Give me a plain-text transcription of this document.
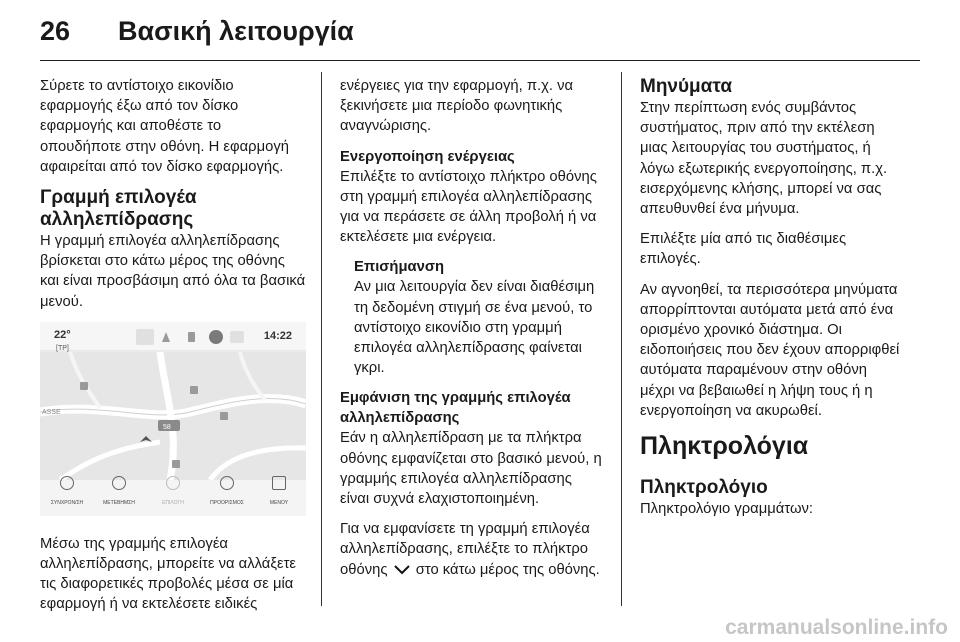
26	Βασική λειτουργία

Σύρετε το αντίστοιχο εικονίδιο εφαρμογής έξω από τον δίσκο εφαρμογής και αποθέστε το οπουδήποτε στην οθόνη. Η εφαρμογή αφαιρείται από τον δίσκο εφαρμογής.

Γραμμή επιλογέα
αλληλεπίδρασης

Η γραμμή επιλογέα αλληλεπίδρασης βρίσκεται στο κάτω μέρος της οθόνης και είναι προσβάσιμη από όλα τα βασικά μενού.

22°
[TP]
14:22
58
ASSE
ΣΥΝΧΡΟΝ/ΣΗ	ΜΕΤΕΒΗΜΣΗ	ΕΠΙΛΟΓΗ	ΠΡΟΟΡΙΣΜΟΣ	ΜΕΝΟΥ

Μέσω της γραμμής επιλογέα αλληλεπίδρασης, μπορείτε να αλλάξετε τις διαφορετικές προβολές μέσα σε μία εφαρμογή ή να εκτελέσετε ειδικές

ενέργειες για την εφαρμογή, π.χ. να ξεκινήσετε μια περίοδο φωνητικής αναγνώρισης.

Ενεργοποίηση ενέργειας

Επιλέξτε το αντίστοιχο πλήκτρο οθόνης στη γραμμή επιλογέα αλληλεπίδρασης για να περάσετε σε άλλη προβολή ή να εκτελέσετε μια ενέργεια.

Επισήμανση

Αν μια λειτουργία δεν είναι διαθέσιμη τη δεδομένη στιγμή σε ένα μενού, το αντίστοιχο εικονίδιο στη γραμμή επιλογέα αλληλεπίδρασης φαίνεται γκρι.

Εμφάνιση της γραμμής επιλογέα αλληλεπίδρασης

Εάν η αλληλεπίδραση με τα πλήκτρα οθόνης εμφανίζεται στο βασικό μενού, η γραμμής επιλογέα αλληλεπίδρασης είναι συχνά ελαχιστοποιημένη.

Για να εμφανίσετε τη γραμμή επιλογέα αλληλεπίδρασης, επιλέξτε το πλήκτρο οθόνης στο κάτω μέρος της οθόνης.

Μηνύματα

Στην περίπτωση ενός συμβάντος συστήματος, πριν από την εκτέλεση μιας λειτουργίας του συστήματος, ή λόγω εξωτερικής ενεργοποίησης, π.χ. εισερχόμενης κλήσης, μπορεί να σας απευθυνθεί ένα μήνυμα.

Επιλέξτε μία από τις διαθέσιμες επιλογές.

Αν αγνοηθεί, τα περισσότερα μηνύματα απορρίπτονται αυτόματα μετά από ένα ορισμένο χρονικό διάστημα. Οι ειδοποιήσεις που δεν έχουν απορριφθεί αυτόματα παραμένουν στην οθόνη μέχρι να βεβαιωθεί η λήψη τους ή η ενεργοποίηση να ακυρωθεί.

Πληκτρολόγια
Πληκτρολόγιο

Πληκτρολόγιο γραμμάτων:

carmanualsonline.info
